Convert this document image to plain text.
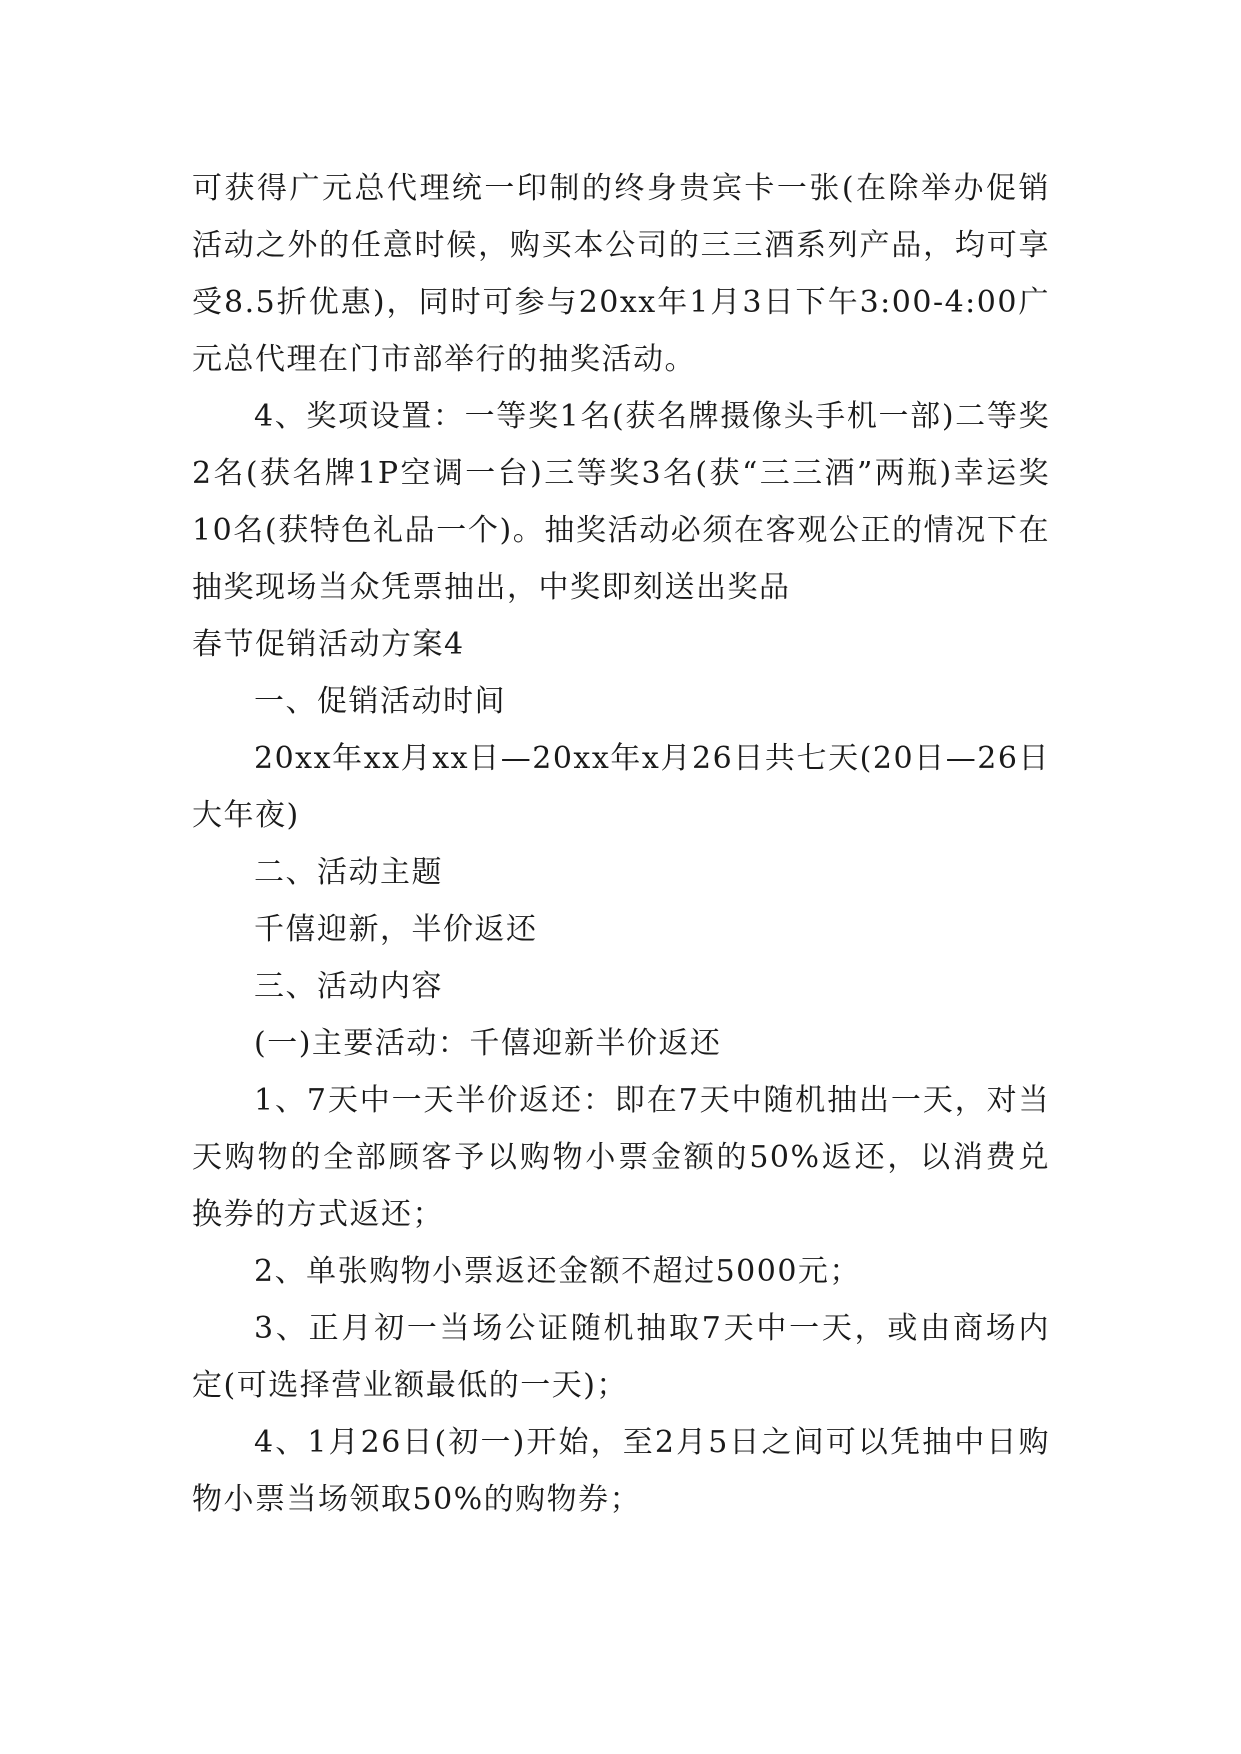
可获得广元总代理统一印制的终身贵宾卡一张(在除举办促销活动之外的任意时候，购买本公司的三三酒系列产品，均可享受8.5折优惠)，同时可参与20xx年1月3日下午3:00-4:00广元总代理在门市部举行的抽奖活动。

4、奖项设置：一等奖1名(获名牌摄像头手机一部)二等奖2名(获名牌1P空调一台)三等奖3名(获“三三酒”两瓶)幸运奖10名(获特色礼品一个)。抽奖活动必须在客观公正的情况下在抽奖现场当众凭票抽出，中奖即刻送出奖品

春节促销活动方案4

一、促销活动时间

20xx年xx月xx日—20xx年x月26日共七天(20日—26日大年夜)

二、活动主题

千僖迎新，半价返还

三、活动内容

(一)主要活动：千僖迎新半价返还

1、7天中一天半价返还：即在7天中随机抽出一天，对当天购物的全部顾客予以购物小票金额的50%返还，以消费兑换券的方式返还；

2、单张购物小票返还金额不超过5000元；

3、正月初一当场公证随机抽取7天中一天，或由商场内定(可选择营业额最低的一天)；

4、1月26日(初一)开始，至2月5日之间可以凭抽中日购物小票当场领取50%的购物券；
